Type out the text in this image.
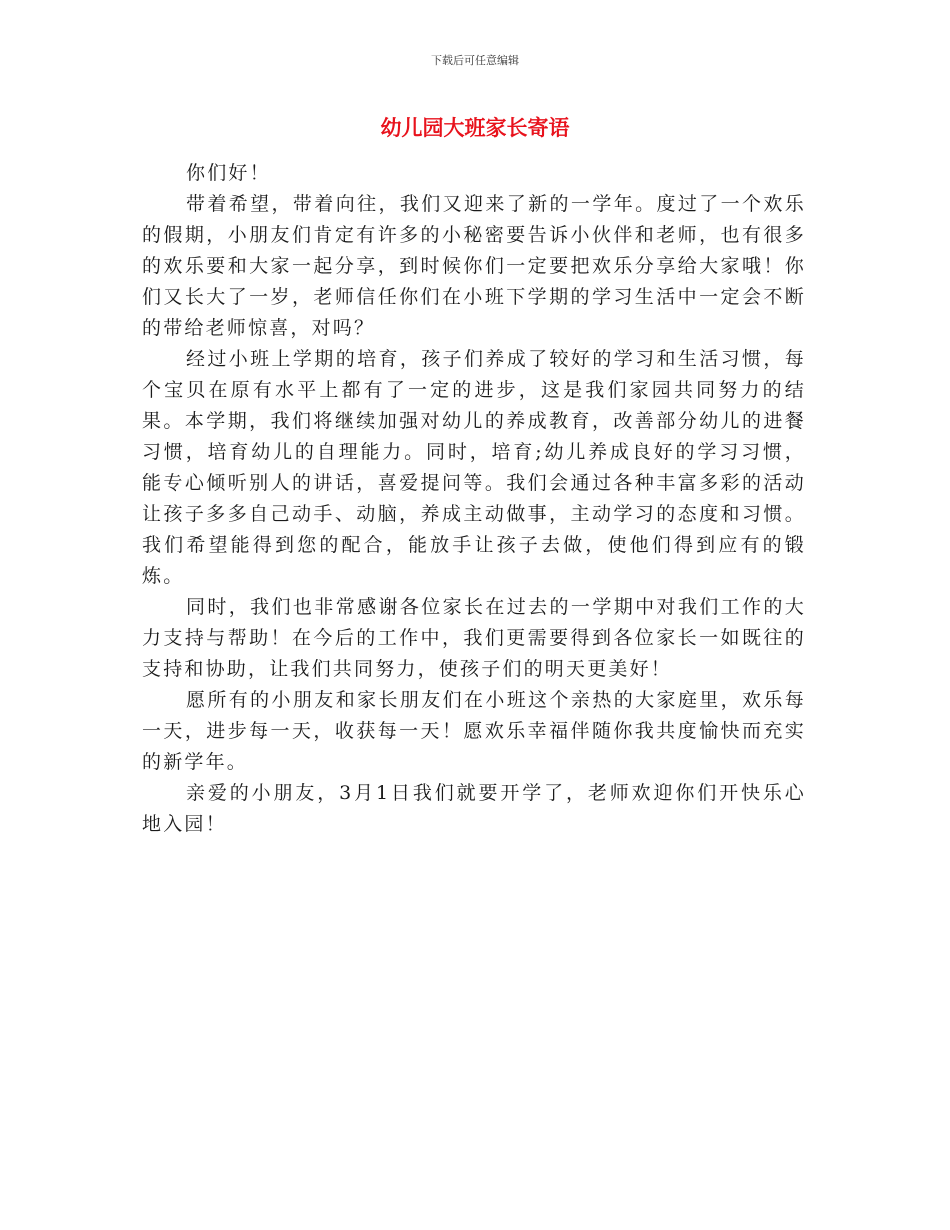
下载后可任意编辑
幼儿园大班家长寄语

你们好！

带着希望，带着向往，我们又迎来了新的一学年。度过了一个欢乐的假期，小朋友们肯定有许多的小秘密要告诉小伙伴和老师，也有很多的欢乐要和大家一起分享，到时候你们一定要把欢乐分享给大家哦！你们又长大了一岁，老师信任你们在小班下学期的学习生活中一定会不断的带给老师惊喜，对吗？

经过小班上学期的培育，孩子们养成了较好的学习和生活习惯，每个宝贝在原有水平上都有了一定的进步，这是我们家园共同努力的结果。本学期，我们将继续加强对幼儿的养成教育，改善部分幼儿的进餐习惯，培育幼儿的自理能力。同时，培育;幼儿养成良好的学习习惯，能专心倾听别人的讲话，喜爱提问等。我们会通过各种丰富多彩的活动让孩子多多自己动手、动脑，养成主动做事，主动学习的态度和习惯。我们希望能得到您的配合，能放手让孩子去做，使他们得到应有的锻炼。

同时，我们也非常感谢各位家长在过去的一学期中对我们工作的大力支持与帮助！在今后的工作中，我们更需要得到各位家长一如既往的支持和协助，让我们共同努力，使孩子们的明天更美好！

愿所有的小朋友和家长朋友们在小班这个亲热的大家庭里，欢乐每一天，进步每一天，收获每一天！愿欢乐幸福伴随你我共度愉快而充实的新学年。

亲爱的小朋友，3月1日我们就要开学了，老师欢迎你们开快乐心地入园！
